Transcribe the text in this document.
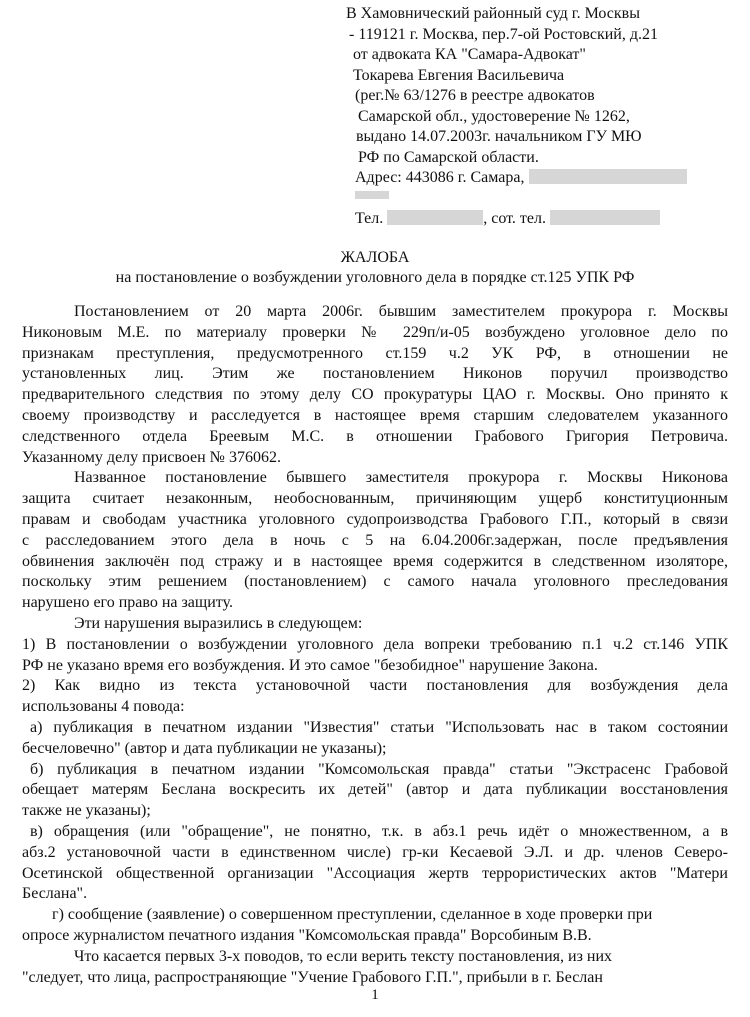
В Хамовнический районный суд г. Москвы
- 119121 г. Москва, пер.7-ой Ростовский, д.21
от адвоката КА "Самара-Адвокат"
Токарева Евгения Васильевича
(рег.№ 63/1276 в реестре адвокатов
Самарской обл., удостоверение № 1262,
выдано 14.07.2003г. начальником ГУ МЮ
РФ по Самарской области.
Адрес: 443086 г. Самара,
Тел.	, сот. тел.
ЖАЛОБА
на постановление о возбуждении уголовного дела в порядке ст.125 УПК РФ
Постановлением от 20 марта 2006г. бывшим заместителем прокурора г. Москвы
Никоновым М.Е. по материалу проверки № 229п/и-05 возбуждено уголовное дело по
признакам преступления, предусмотренного ст.159 ч.2 УК РФ, в отношении не
установленных лиц. Этим же постановлением Никонов поручил производство
предварительного следствия по этому делу СО прокуратуры ЦАО г. Москвы. Оно принято к
своему производству и расследуется в настоящее время старшим следователем указанного
следственного отдела Бреевым М.С. в отношении Грабового Григория Петровича.
Указанному делу присвоен № 376062.
Названное постановление бывшего заместителя прокурора г. Москвы Никонова
защита считает незаконным, необоснованным, причиняющим ущерб конституционным
правам и свободам участника уголовного судопроизводства Грабового Г.П., который в связи
с расследованием этого дела в ночь с 5 на 6.04.2006г.задержан, после предъявления
обвинения заключён под стражу и в настоящее время содержится в следственном изоляторе,
поскольку этим решением (постановлением) с самого начала уголовного преследования
нарушено его право на защиту.
Эти нарушения выразились в следующем:
1) В постановлении о возбуждении уголовного дела вопреки требованию п.1 ч.2 ст.146 УПК
РФ не указано время его возбуждения. И это самое "безобидное" нарушение Закона.
2) Как видно из текста установочной части постановления для возбуждения дела
использованы 4 повода:
а) публикация в печатном издании "Известия" статьи "Использовать нас в таком состоянии
бесчеловечно" (автор и дата публикации не указаны);
б) публикация в печатном издании "Комсомольская правда" статьи "Экстрасенс Грабовой
обещает матерям Беслана воскресить их детей" (автор и дата публикации восстановления
также не указаны);
в) обращения (или "обращение", не понятно, т.к. в абз.1 речь идёт о множественном, а в
абз.2 установочной части в единственном числе) гр-ки Кесаевой Э.Л. и др. членов Северо-
Осетинской общественной организации "Ассоциация жертв террористических актов "Матери
Беслана".
г) сообщение (заявление) о совершенном преступлении, сделанное в ходе проверки при
опросе журналистом печатного издания "Комсомольская правда" Ворсобиным В.В.
Что касается первых 3-х поводов, то если верить тексту постановления, из них
"следует, что лица, распространяющие "Учение Грабового Г.П.", прибыли в г. Беслан
1
